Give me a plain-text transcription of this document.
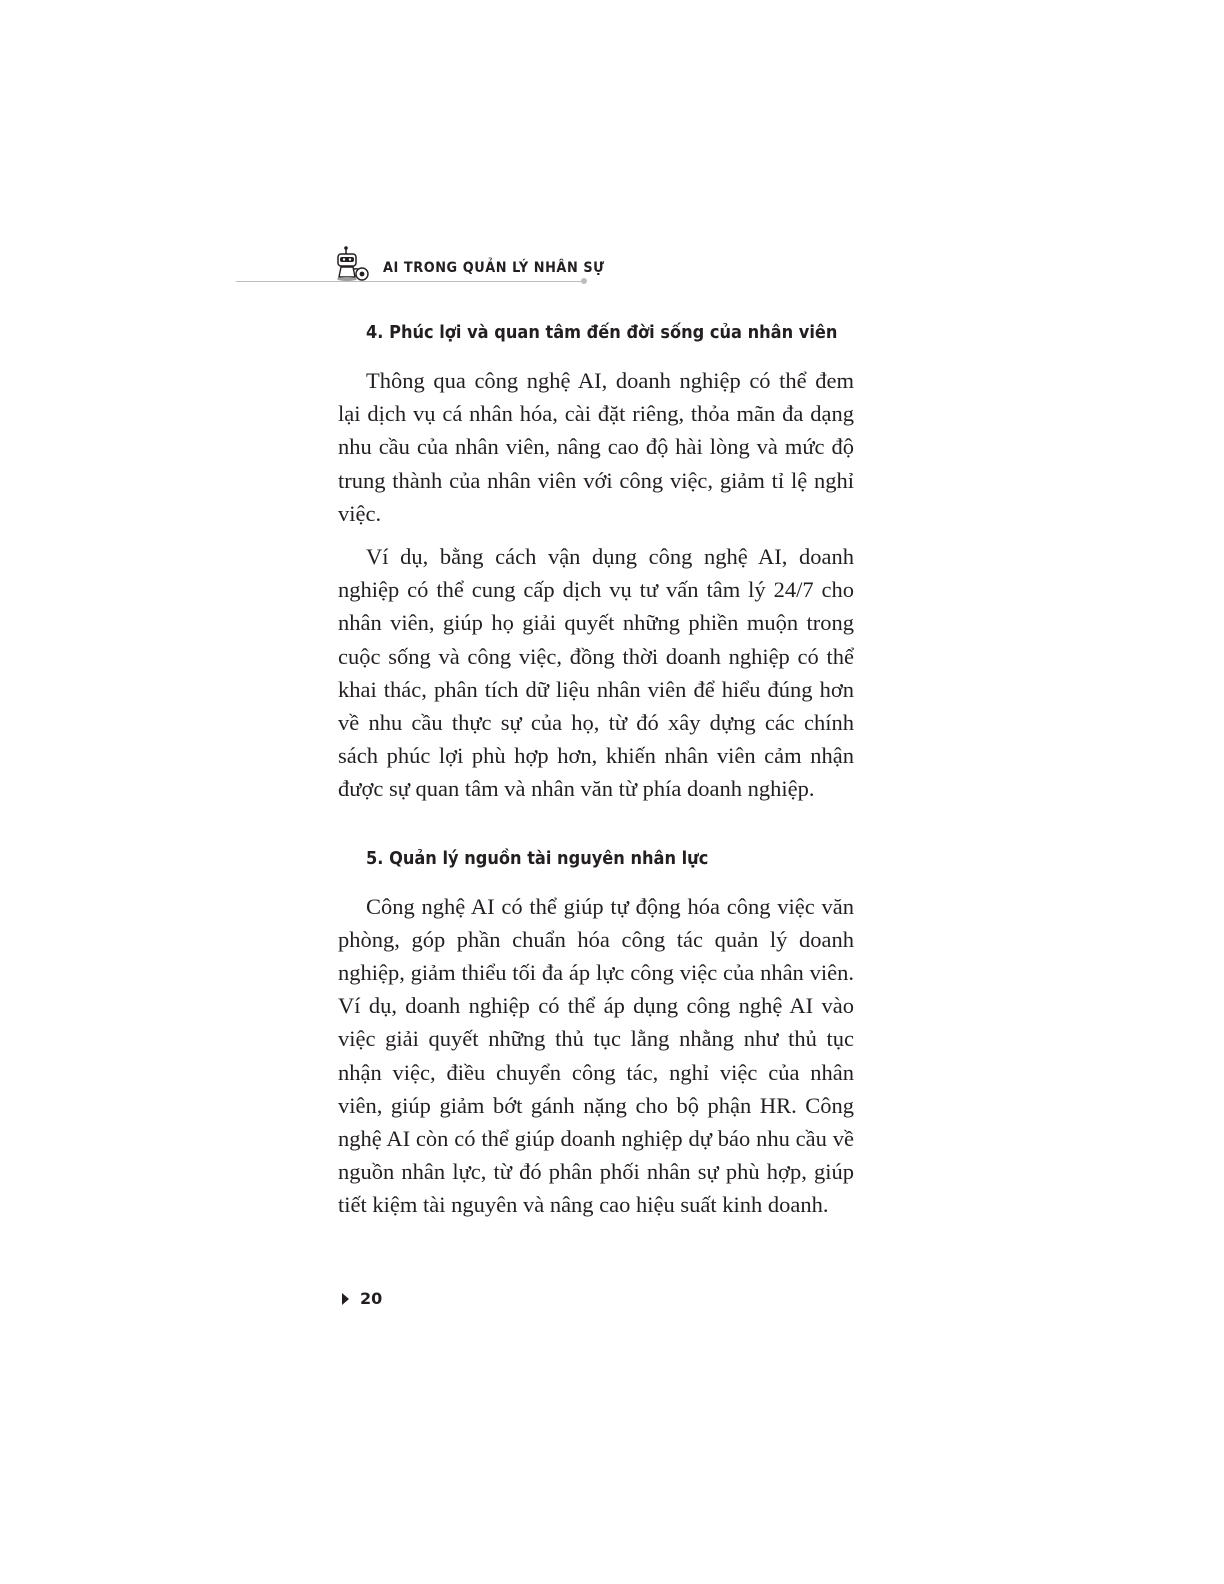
AI TRONG QUẢN LÝ NHÂN SỰ
4. Phúc lợi và quan tâm đến đời sống của nhân viên

Thông qua công nghệ AI, doanh nghiệp có thể đem lại dịch vụ cá nhân hóa, cài đặt riêng, thỏa mãn đa dạng nhu cầu của nhân viên, nâng cao độ hài lòng và mức độ trung thành của nhân viên với công việc, giảm tỉ lệ nghỉ việc.

Ví dụ, bằng cách vận dụng công nghệ AI, doanh nghiệp có thể cung cấp dịch vụ tư vấn tâm lý 24/7 cho nhân viên, giúp họ giải quyết những phiền muộn trong cuộc sống và công việc, đồng thời doanh nghiệp có thể khai thác, phân tích dữ liệu nhân viên để hiểu đúng hơn về nhu cầu thực sự của họ, từ đó xây dựng các chính sách phúc lợi phù hợp hơn, khiến nhân viên cảm nhận được sự quan tâm và nhân văn từ phía doanh nghiệp.

5. Quản lý nguồn tài nguyên nhân lực

Công nghệ AI có thể giúp tự động hóa công việc văn phòng, góp phần chuẩn hóa công tác quản lý doanh nghiệp, giảm thiểu tối đa áp lực công việc của nhân viên. Ví dụ, doanh nghiệp có thể áp dụng công nghệ AI vào việc giải quyết những thủ tục lằng nhằng như thủ tục nhận việc, điều chuyển công tác, nghỉ việc của nhân viên, giúp giảm bớt gánh nặng cho bộ phận HR. Công nghệ AI còn có thể giúp doanh nghiệp dự báo nhu cầu về nguồn nhân lực, từ đó phân phối nhân sự phù hợp, giúp tiết kiệm tài nguyên và nâng cao hiệu suất kinh doanh.

20
